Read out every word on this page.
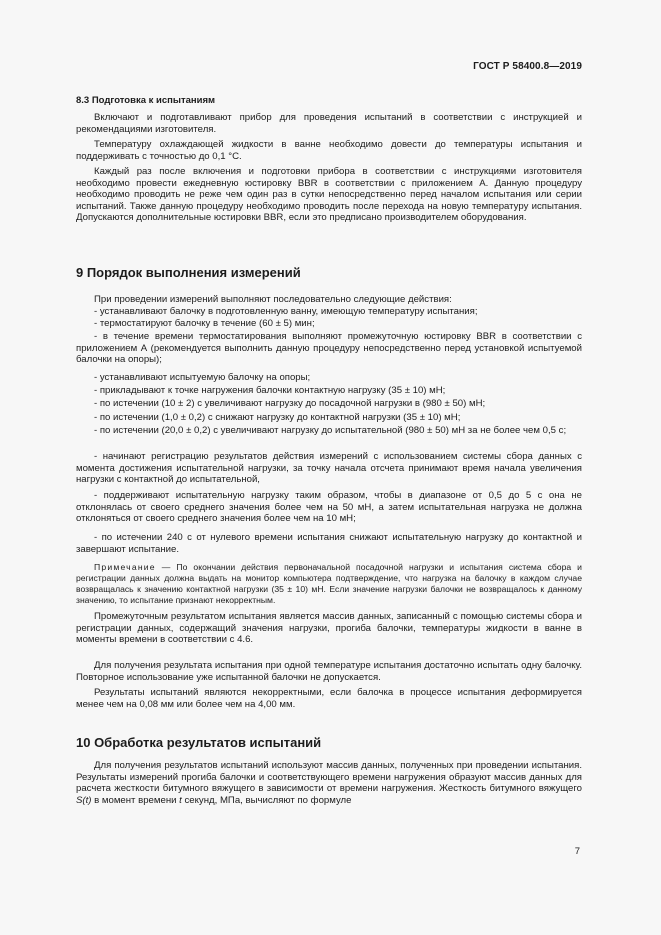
ГОСТ Р 58400.8—2019
8.3 Подготовка к испытаниям

Включают и подготавливают прибор для проведения испытаний в соответствии с инструкцией и рекомендациями изготовителя.

Температуру охлаждающей жидкости в ванне необходимо довести до температуры испытания и поддерживать с точностью до 0,1 °С.

Каждый раз после включения и подготовки прибора в соответствии с инструкциями изготовителя необходимо провести ежедневную юстировку BBR в соответствии с приложением А. Данную процедуру необходимо проводить не реже чем один раз в сутки непосредственно перед началом испытания или серии испытаний. Также данную процедуру необходимо проводить после перехода на новую температуру испытания. Допускаются дополнительные юстировки BBR, если это предписано производителем оборудования.

9 Порядок выполнения измерений

При проведении измерений выполняют последовательно следующие действия:

- устанавливают балочку в подготовленную ванну, имеющую температуру испытания;

- термостатируют балочку в течение (60 ± 5) мин;

- в течение времени термостатирования выполняют промежуточную юстировку BBR в соответствии с приложением А (рекомендуется выполнить данную процедуру непосредственно перед установкой испытуемой балочки на опоры);

- устанавливают испытуемую балочку на опоры;

- прикладывают к точке нагружения балочки контактную нагрузку (35 ± 10) мН;

- по истечении (10 ± 2) с увеличивают нагрузку до посадочной нагрузки в (980 ± 50) мН;

- по истечении (1,0 ± 0,2) с снижают нагрузку до контактной нагрузки (35 ± 10) мН;

- по истечении (20,0 ± 0,2) с увеличивают нагрузку до испытательной (980 ± 50) мН за не более чем 0,5 с;

- начинают регистрацию результатов действия измерений с использованием системы сбора данных с момента достижения испытательной нагрузки, за точку начала отсчета принимают время начала увеличения нагрузки с контактной до испытательной,

- поддерживают испытательную нагрузку таким образом, чтобы в диапазоне от 0,5 до 5 с она не отклонялась от своего среднего значения более чем на 50 мН, а затем испытательная нагрузка не должна отклоняться от своего среднего значения более чем на 10 мН;

- по истечении 240 с от нулевого времени испытания снижают испытательную нагрузку до контактной и завершают испытание.

Примечание — По окончании действия первоначальной посадочной нагрузки и испытания система сбора и регистрации данных должна выдать на монитор компьютера подтверждение, что нагрузка на балочку в каждом случае возвращалась к значению контактной нагрузки (35 ± 10) мН. Если значение нагрузки балочки не возвращалось к данному значению, то испытание признают некорректным.

Промежуточным результатом испытания является массив данных, записанный с помощью системы сбора и регистрации данных, содержащий значения нагрузки, прогиба балочки, температуры жидкости в ванне в моменты времени в соответствии с 4.6.

Для получения результата испытания при одной температуре испытания достаточно испытать одну балочку. Повторное использование уже испытанной балочки не допускается.

Результаты испытаний являются некорректными, если балочка в процессе испытания деформируется менее чем на 0,08 мм или более чем на 4,00 мм.

10 Обработка результатов испытаний

Для получения результатов испытаний используют массив данных, полученных при проведении испытания. Результаты измерений прогиба балочки и соответствующего времени нагружения образуют массив данных для расчета жесткости битумного вяжущего в зависимости от времени нагружения. Жесткость битумного вяжущего S(t) в момент времени t секунд, МПа, вычисляют по формуле

7
